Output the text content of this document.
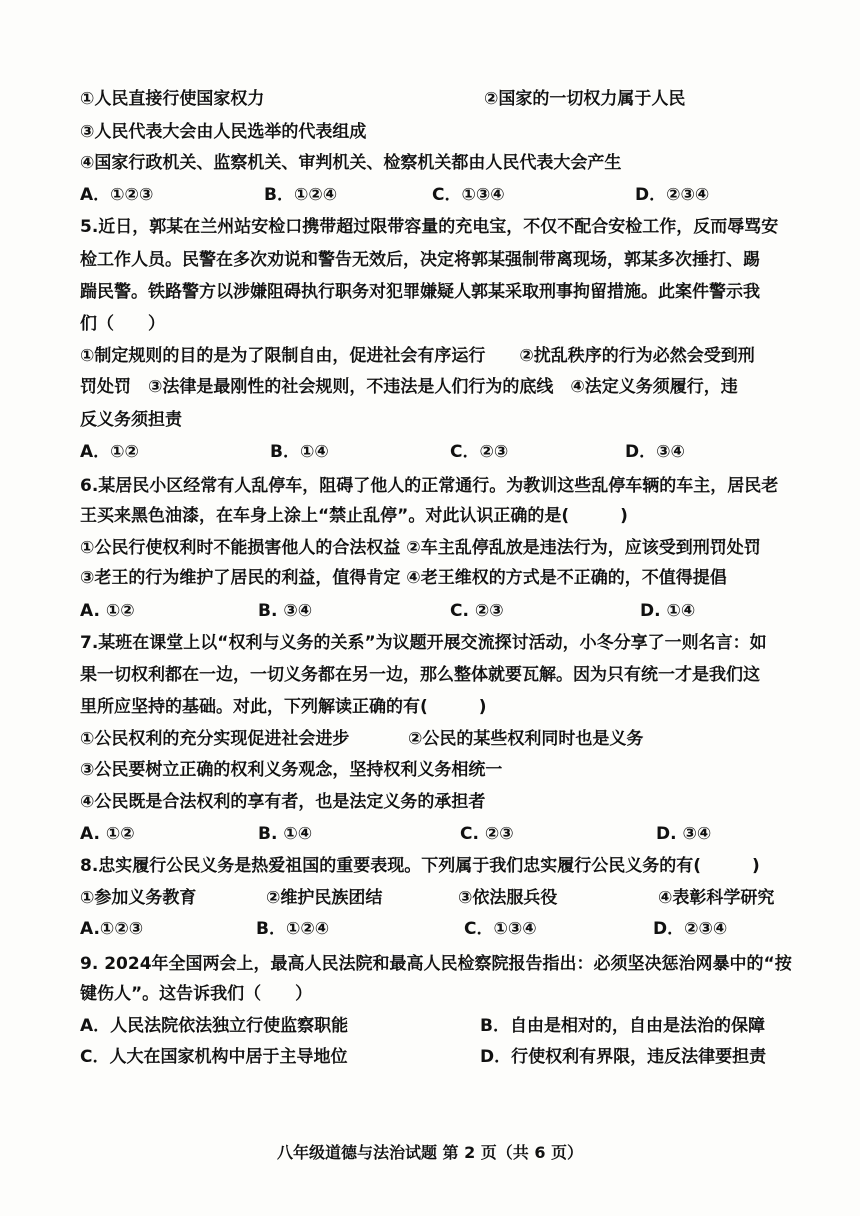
①人民直接行使国家权力	②国家的一切权力属于人民
③人民代表大会由人民选举的代表组成
④国家行政机关、监察机关、审判机关、检察机关都由人民代表大会产生
A．①②③	B．①②④	C．①③④	D．②③④
5.近日，郭某在兰州站安检口携带超过限带容量的充电宝，不仅不配合安检工作，反而辱骂安
检工作人员。民警在多次劝说和警告无效后，决定将郭某强制带离现场，郭某多次捶打、踢
踹民警。铁路警方以涉嫌阻碍执行职务对犯罪嫌疑人郭某采取刑事拘留措施。此案件警示我
们（　　）
①制定规则的目的是为了限制自由，促进社会有序运行　　②扰乱秩序的行为必然会受到刑
罚处罚　③法律是最刚性的社会规则，不违法是人们行为的底线　④法定义务须履行，违
反义务须担责
A．①②	B．①④	C．②③	D．③④
6.某居民小区经常有人乱停车，阻碍了他人的正常通行。为教训这些乱停车辆的车主，居民老
王买来黑色油漆，在车身上涂上“禁止乱停”。对此认识正确的是(　　　)
①公民行使权利时不能损害他人的合法权益 ②车主乱停乱放是违法行为，应该受到刑罚处罚
③老王的行为维护了居民的利益，值得肯定 ④老王维权的方式是不正确的，不值得提倡
A. ①②	B. ③④	C. ②③	D. ①④
7.某班在课堂上以“权利与义务的关系”为议题开展交流探讨活动，小冬分享了一则名言：如
果一切权利都在一边，一切义务都在另一边，那么整体就要瓦解。因为只有统一才是我们这
里所应坚持的基础。对此，下列解读正确的有(　　　)
①公民权利的充分实现促进社会进步	②公民的某些权利同时也是义务
③公民要树立正确的权利义务观念，坚持权利义务相统一
④公民既是合法权利的享有者，也是法定义务的承担者
A. ①②	B. ①④	C. ②③	D. ③④
8.忠实履行公民义务是热爱祖国的重要表现。下列属于我们忠实履行公民义务的有(　　　)
①参加义务教育	②维护民族团结	③依法服兵役	④表彰科学研究
A.①②③	B．①②④	C．①③④	D．②③④
9. 2024年全国两会上，最高人民法院和最高人民检察院报告指出：必须坚决惩治网暴中的“按
键伤人”。这告诉我们（　　）
A．人民法院依法独立行使监察职能	B．自由是相对的，自由是法治的保障
C．人大在国家机构中居于主导地位	D．行使权利有界限，违反法律要担责
八年级道德与法治试题 第 2 页（共 6 页）
